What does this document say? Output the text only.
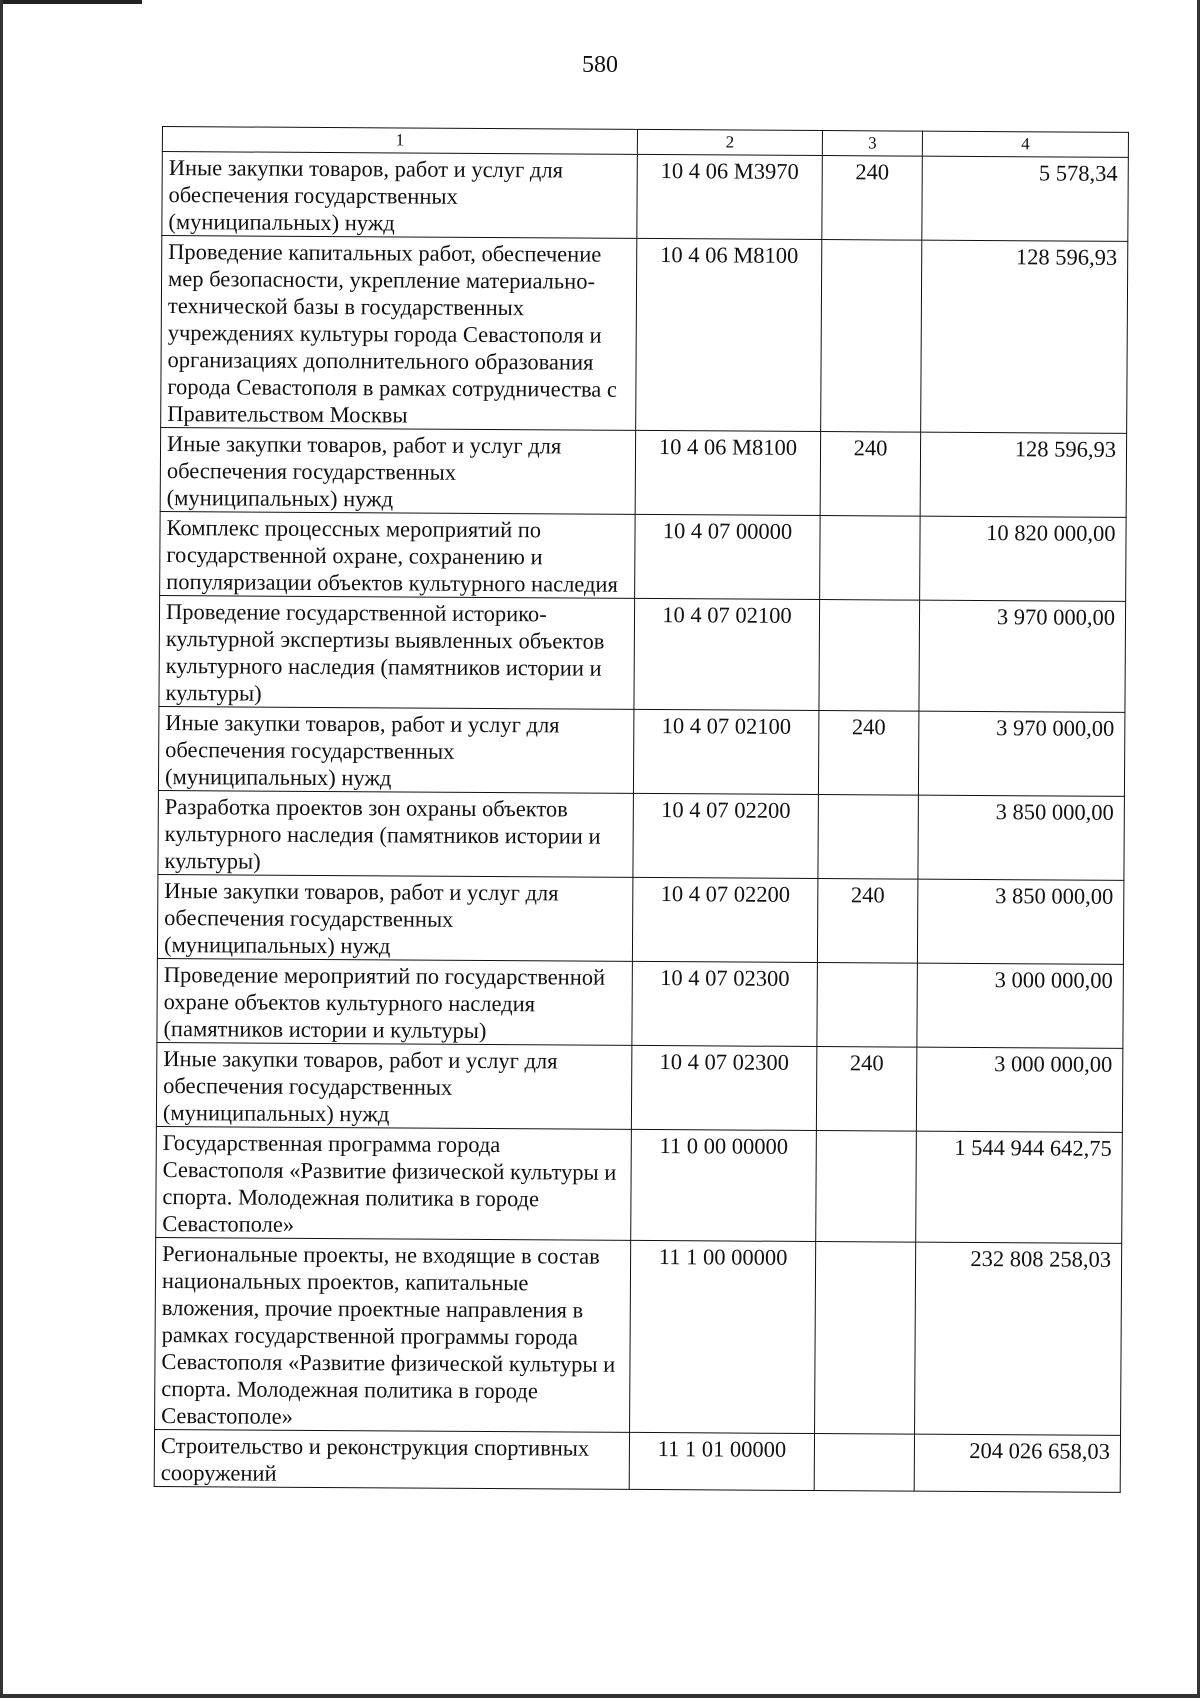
580
1	2	3	4
Иные закупки товаров, работ и услуг для обеспечения государственных (муниципальных) нужд	10 4 06 М3970	240	5 578,34
Проведение капитальных работ, обеспечение мер безопасности, укрепление материально-технической базы в государственных учреждениях культуры города Севастополя и организациях дополнительного образования города Севастополя в рамках сотрудничества с Правительством Москвы	10 4 06 М8100		128 596,93
Иные закупки товаров, работ и услуг для обеспечения государственных (муниципальных) нужд	10 4 06 М8100	240	128 596,93
Комплекс процессных мероприятий по государственной охране, сохранению и популяризации объектов культурного наследия	10 4 07 00000		10 820 000,00
Проведение государственной историко-культурной экспертизы выявленных объектов культурного наследия (памятников истории и культуры)	10 4 07 02100		3 970 000,00
Иные закупки товаров, работ и услуг для обеспечения государственных (муниципальных) нужд	10 4 07 02100	240	3 970 000,00
Разработка проектов зон охраны объектов культурного наследия (памятников истории и культуры)	10 4 07 02200		3 850 000,00
Иные закупки товаров, работ и услуг для обеспечения государственных (муниципальных) нужд	10 4 07 02200	240	3 850 000,00
Проведение мероприятий по государственной охране объектов культурного наследия (памятников истории и культуры)	10 4 07 02300		3 000 000,00
Иные закупки товаров, работ и услуг для обеспечения государственных (муниципальных) нужд	10 4 07 02300	240	3 000 000,00
Государственная программа города Севастополя «Развитие физической культуры и спорта. Молодежная политика в городе Севастополе»	11 0 00 00000		1 544 944 642,75
Региональные проекты, не входящие в состав национальных проектов, капитальные вложения, прочие проектные направления в рамках государственной программы города Севастополя «Развитие физической культуры и спорта. Молодежная политика в городе Севастополе»	11 1 00 00000		232 808 258,03
Строительство и реконструкция спортивных сооружений	11 1 01 00000		204 026 658,03
